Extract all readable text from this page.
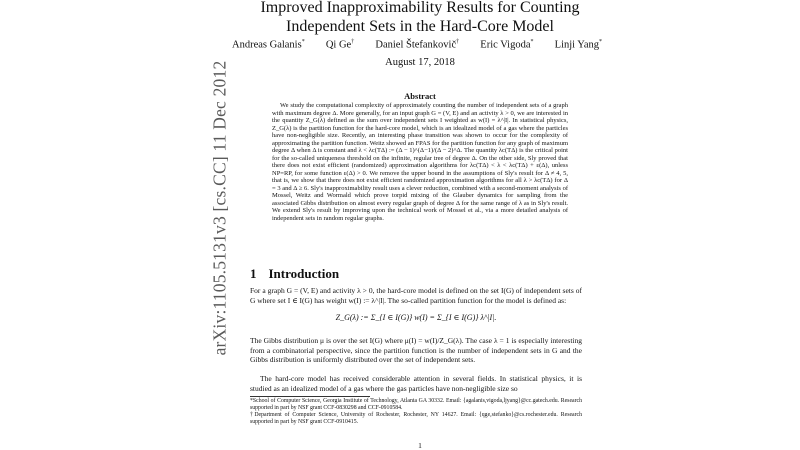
arXiv:1105.5131v3 [cs.CC] 11 Dec 2012
Improved Inapproximability Results for Counting Independent Sets in the Hard-Core Model
Andreas Galanis* Qi Ge† Daniel Štefankovič† Eric Vigoda* Linji Yang*
August 17, 2018
Abstract

We study the computational complexity of approximately counting the number of independent sets of a graph with maximum degree Δ. More generally, for an input graph G = (V, E) and an activity λ > 0, we are interested in the quantity Z_G(λ) defined as the sum over independent sets I weighted as w(I) = λ^|I|. In statistical physics, Z_G(λ) is the partition function for the hard-core model, which is an idealized model of a gas where the particles have non-negligible size. Recently, an interesting phase transition was shown to occur for the complexity of approximating the partition function. Weitz showed an FPAS for the partition function for any graph of maximum degree Δ when Δ is constant and λ < λc(TΔ) := (Δ − 1)^(Δ−1)/(Δ − 2)^Δ. The quantity λc(TΔ) is the critical point for the so-called uniqueness threshold on the infinite, regular tree of degree Δ. On the other side, Sly proved that there does not exist efficient (randomized) approximation algorithms for λc(TΔ) < λ < λc(TΔ) + ε(Δ), unless NP=RP, for some function ε(Δ) > 0. We remove the upper bound in the assumptions of Sly's result for Δ ≠ 4, 5, that is, we show that there does not exist efficient randomized approximation algorithms for all λ > λc(TΔ) for Δ = 3 and Δ ≥ 6. Sly's inapproximability result uses a clever reduction, combined with a second-moment analysis of Mossel, Weitz and Wormald which prove torpid mixing of the Glauber dynamics for sampling from the associated Gibbs distribution on almost every regular graph of degree Δ for the same range of λ as in Sly's result. We extend Sly's result by improving upon the technical work of Mossel et al., via a more detailed analysis of independent sets in random regular graphs.

1 Introduction

For a graph G = (V, E) and activity λ > 0, the hard-core model is defined on the set I(G) of independent sets of G where set I ∈ I(G) has weight w(I) := λ^|I|. The so-called partition function for the model is defined as:

Z_G(λ) := Σ_{I ∈ I(G)} w(I) = Σ_{I ∈ I(G)} λ^|I|.

The Gibbs distribution μ is over the set I(G) where μ(I) = w(I)/Z_G(λ). The case λ = 1 is especially interesting from a combinatorial perspective, since the partition function is the number of independent sets in G and the Gibbs distribution is uniformly distributed over the set of independent sets.

The hard-core model has received considerable attention in several fields. In statistical physics, it is studied as an idealized model of a gas where the gas particles have non-negligible size so

*School of Computer Science, Georgia Institute of Technology, Atlanta GA 30332. Email: {agalanis,vigoda,ljyang}@cc.gatech.edu. Research supported in part by NSF grant CCF-0830298 and CCF-0910584.
†Department of Computer Science, University of Rochester, Rochester, NY 14627. Email: {qge,stefanko}@cs.rochester.edu. Research supported in part by NSF grant CCF-0910415.
1
